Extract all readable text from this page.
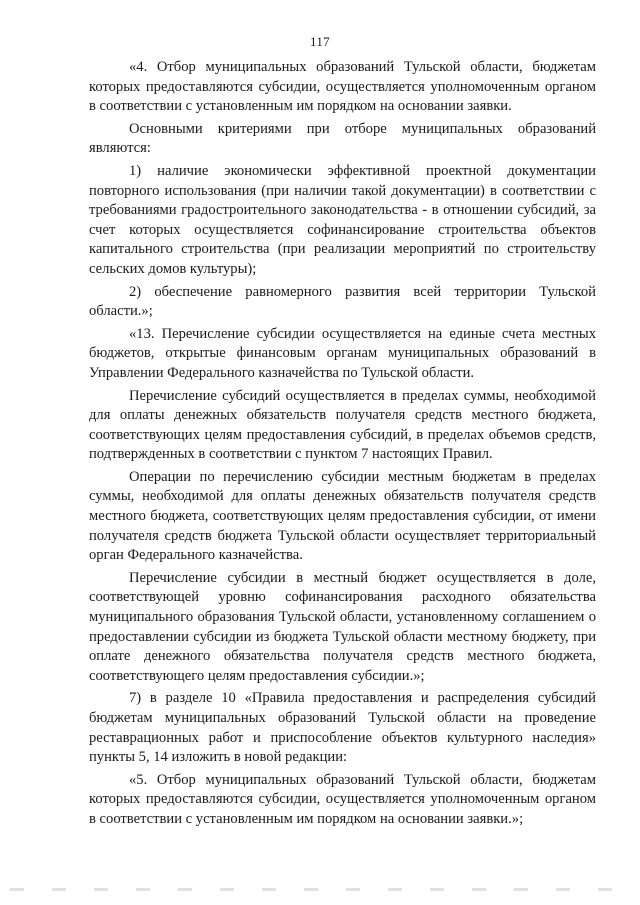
117

«4. Отбор муниципальных образований Тульской области, бюджетам которых предоставляются субсидии, осуществляется уполномоченным органом в соответствии с установленным им порядком на основании заявки.

Основными критериями при отборе муниципальных образований являются:

1) наличие экономически эффективной проектной документации повторного использования (при наличии такой документации) в соответствии с требованиями градостроительного законодательства - в отношении субсидий, за счет которых осуществляется софинансирование строительства объектов капитального строительства (при реализации мероприятий по строительству сельских домов культуры);

2) обеспечение равномерного развития всей территории Тульской области.»;

«13. Перечисление субсидии осуществляется на единые счета местных бюджетов, открытые финансовым органам муниципальных образований в Управлении Федерального казначейства по Тульской области.

Перечисление субсидий осуществляется в пределах суммы, необходимой для оплаты денежных обязательств получателя средств местного бюджета, соответствующих целям предоставления субсидий, в пределах объемов средств, подтвержденных в соответствии с пунктом 7 настоящих Правил.

Операции по перечислению субсидии местным бюджетам в пределах суммы, необходимой для оплаты денежных обязательств получателя средств местного бюджета, соответствующих целям предоставления субсидии, от имени получателя средств бюджета Тульской области осуществляет территориальный орган Федерального казначейства.

Перечисление субсидии в местный бюджет осуществляется в доле, соответствующей уровню софинансирования расходного обязательства муниципального образования Тульской области, установленному соглашением о предоставлении субсидии из бюджета Тульской области местному бюджету, при оплате денежного обязательства получателя средств местного бюджета, соответствующего целям предоставления субсидии.»;

7) в разделе 10 «Правила предоставления и распределения субсидий бюджетам муниципальных образований Тульской области на проведение реставрационных работ и приспособление объектов культурного наследия» пункты 5, 14 изложить в новой редакции:

«5. Отбор муниципальных образований Тульской области, бюджетам которых предоставляются субсидии, осуществляется уполномоченным органом в соответствии с установленным им порядком на основании заявки.»;
